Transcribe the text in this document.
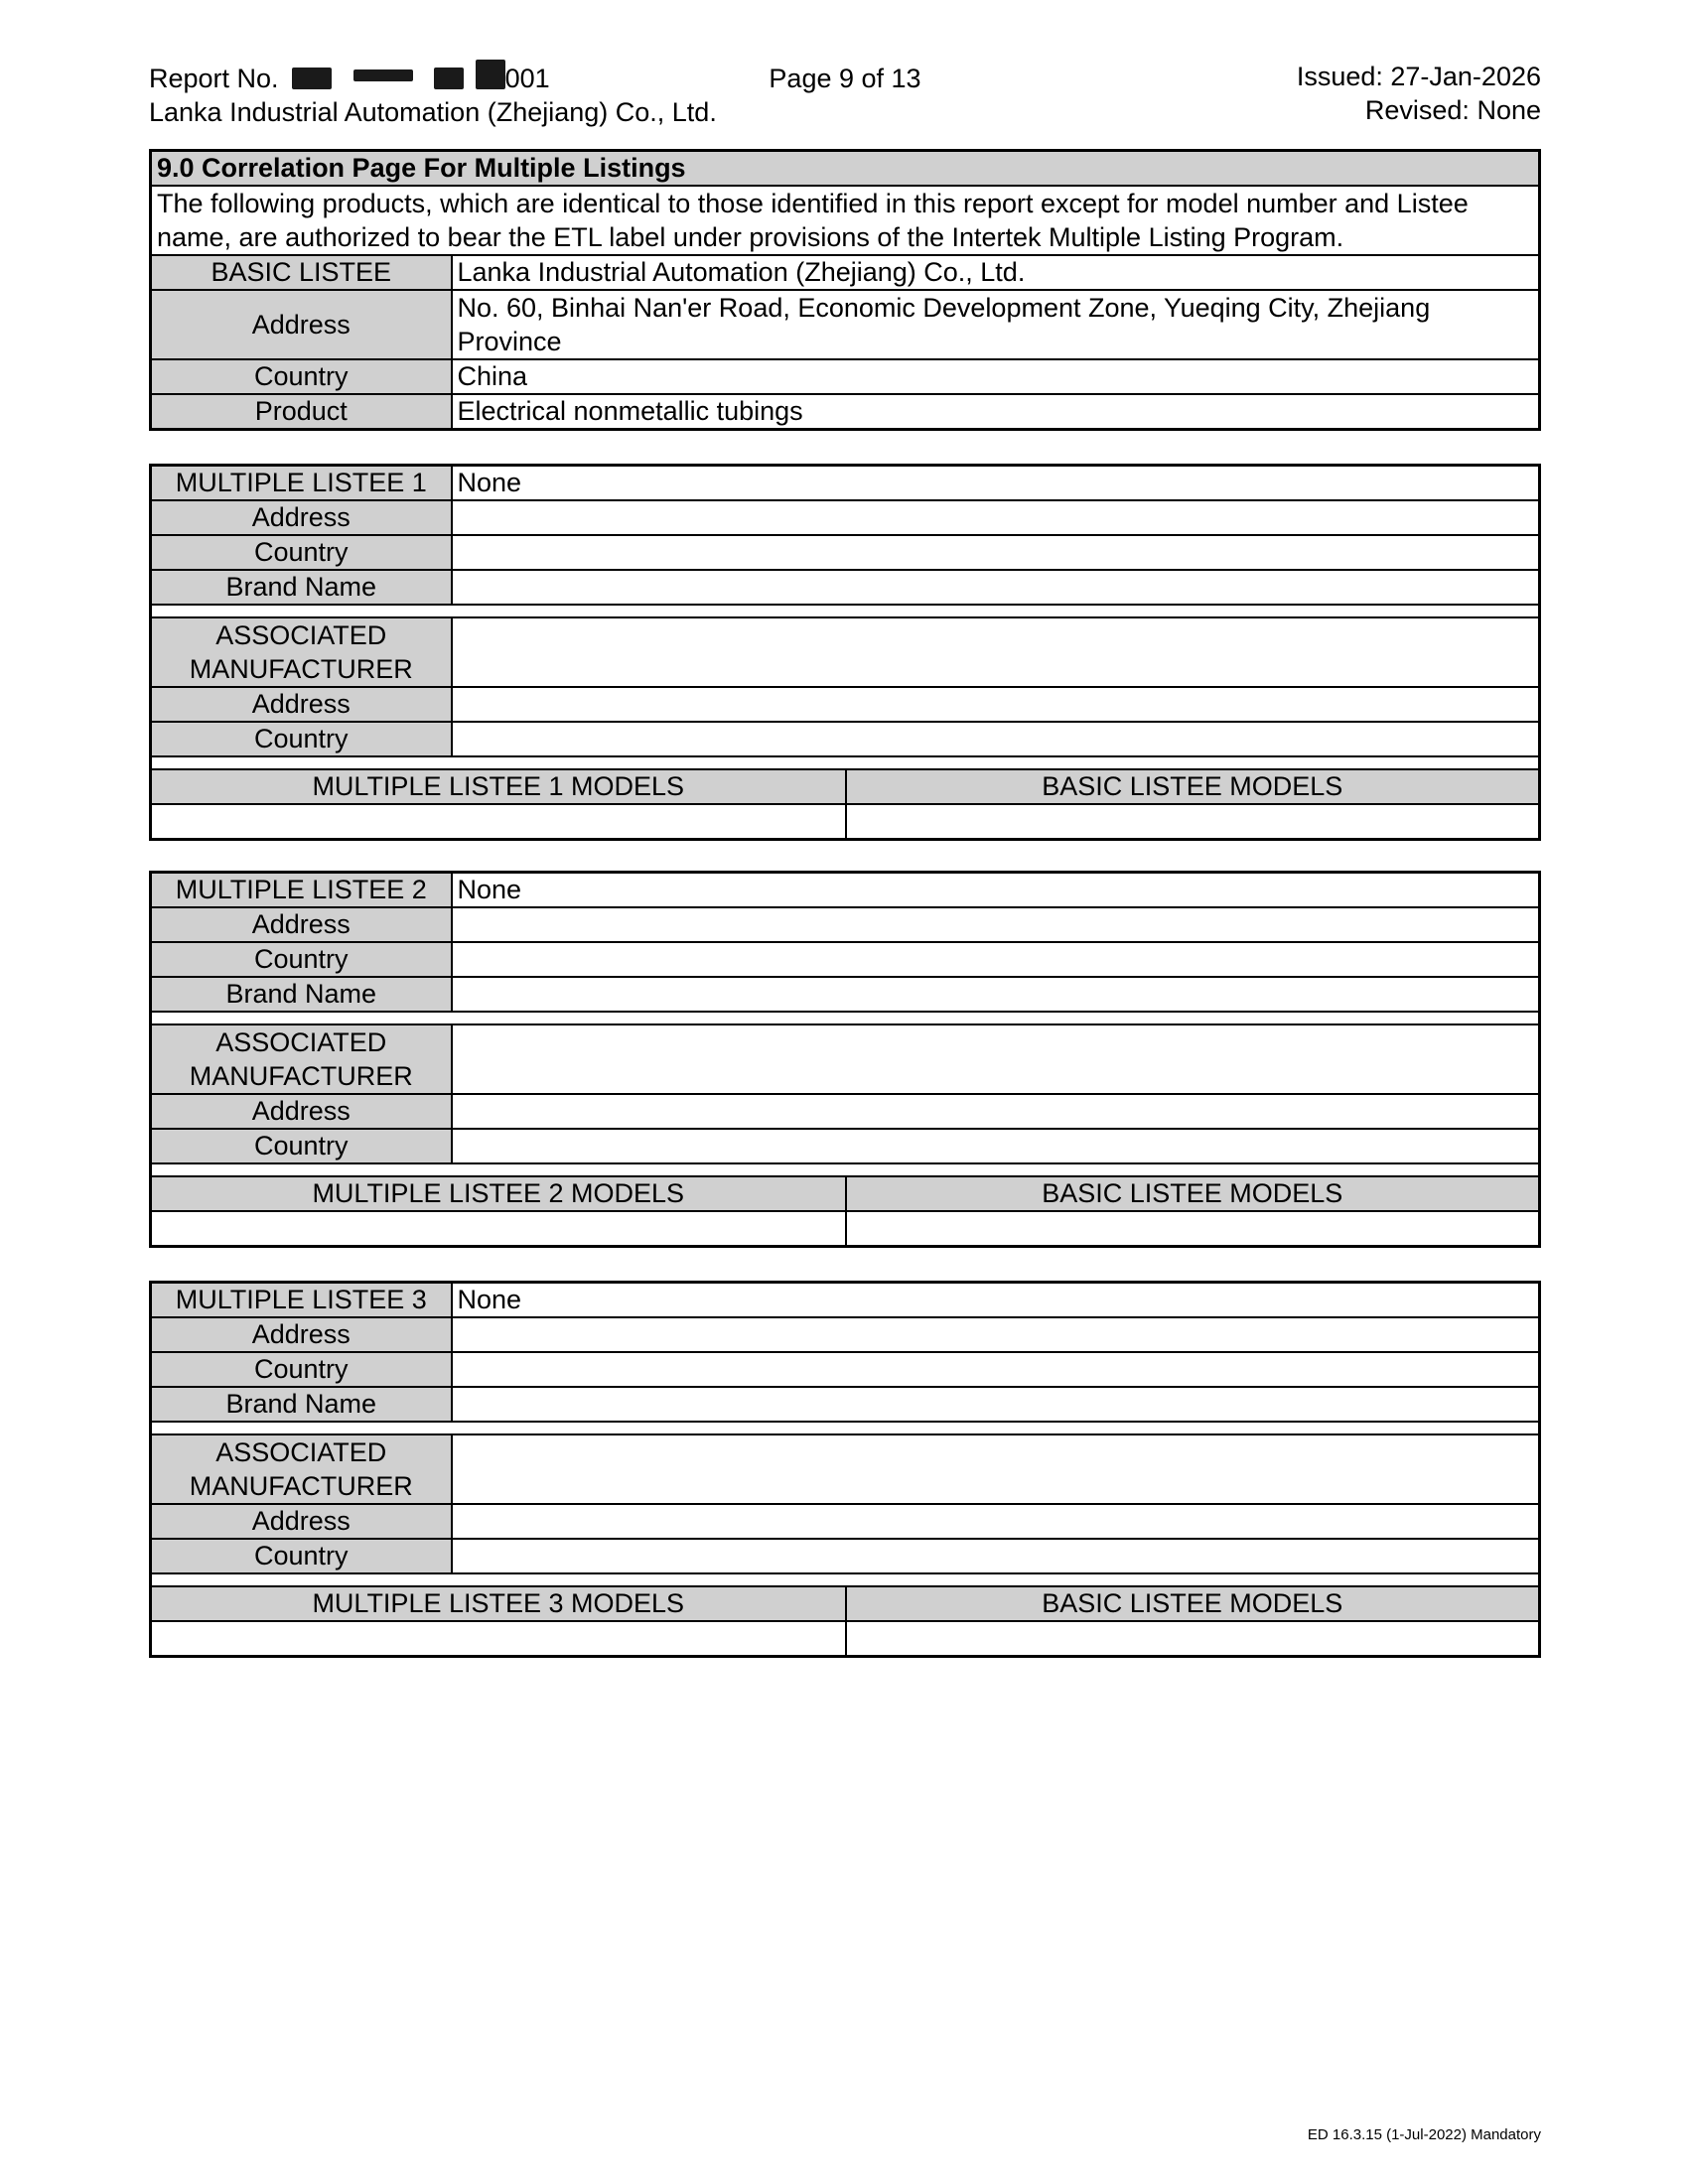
Report No.	001
Lanka Industrial Automation (Zhejiang) Co., Ltd.
Page 9 of 13	Issued: 27-Jan-2026
Revised: None
9.0 Correlation Page For Multiple Listings	
The following products, which are identical to those identified in this report except for model number and Listee name, are authorized to bear the ETL label under provisions of the Intertek Multiple Listing Program.	
BASIC LISTEE	Lanka Industrial Automation (Zhejiang) Co., Ltd.
Address	No. 60, Binhai Nan'er Road, Economic Development Zone, Yueqing City, Zhejiang Province
Country	China
Product	Electrical nonmetallic tubings
MULTIPLE LISTEE 1	None	
Address		
Country		
Brand Name		

ASSOCIATED MANUFACTURER		
Address		
Country		

MULTIPLE LISTEE 1 MODELS		BASIC LISTEE MODELS

MULTIPLE LISTEE 2	None	
Address		
Country		
Brand Name		

ASSOCIATED MANUFACTURER		
Address		
Country		

MULTIPLE LISTEE 2 MODELS		BASIC LISTEE MODELS

MULTIPLE LISTEE 3	None	
Address		
Country		
Brand Name		

ASSOCIATED MANUFACTURER		
Address		
Country		

MULTIPLE LISTEE 3 MODELS		BASIC LISTEE MODELS

ED 16.3.15 (1-Jul-2022) Mandatory
